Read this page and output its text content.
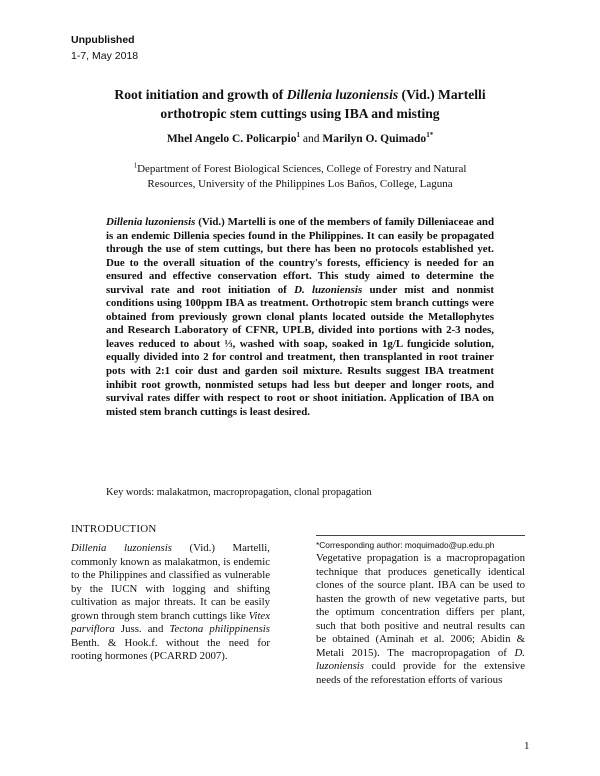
Unpublished
1-7, May 2018
Root initiation and growth of Dillenia luzoniensis (Vid.) Martelli
orthotropic stem cuttings using IBA and misting
Mhel Angelo C. Policarpio$^1$ and Marilyn O. Quimado$^{1*}$
$^1$Department of Forest Biological Sciences, College of Forestry and Natural
Resources, University of the Philippines Los Baños, College, Laguna
Dillenia luzoniensis (Vid.) Martelli is one of the members of family Dilleniaceae and is an endemic Dillenia species found in the Philippines. It can easily be propagated through the use of stem cuttings, but there has been no protocols established yet. Due to the overall situation of the country's forests, efficiency is needed for an ensured and effective conservation effort. This study aimed to determine the survival rate and root initiation of D. luzoniensis under mist and nonmist conditions using 100ppm IBA as treatment. Orthotropic stem branch cuttings were obtained from previously grown clonal plants located outside the Metallophytes and Research Laboratory of CFNR, UPLB, divided into portions with 2-3 nodes, leaves reduced to about ⅓, washed with soap, soaked in 1g/L fungicide solution, equally divided into 2 for control and treatment, then transplanted in root trainer pots with 2:1 coir dust and garden soil mixture. Results suggest IBA treatment inhibit root growth, nonmisted setups had less but deeper and longer roots, and survival rates differ with respect to root or shoot initiation. Application of IBA on misted stem branch cuttings is least desired.
Key words: malakatmon, macropropagation, clonal propagation
INTRODUCTION
Dillenia luzoniensis (Vid.) Martelli, commonly known as malakatmon, is endemic to the Philippines and classified as vulnerable by the IUCN with logging and shifting cultivation as major threats. It can be easily grown through stem branch cuttings like Vitex parviflora Juss. and Tectona philippinensis Benth. & Hook.f. without the need for rooting hormones (PCARRD 2007).
*Corresponding author: moquimado@up.edu.ph
Vegetative propagation is a macropropagation technique that produces genetically identical clones of the source plant. IBA can be used to hasten the growth of new vegetative parts, but the optimum concentration differs per plant, such that both positive and neutral results can be obtained (Aminah et al. 2006; Abidin & Metali 2015). The macropropagation of D. luzoniensis could provide for the extensive needs of the reforestation efforts of various
1
